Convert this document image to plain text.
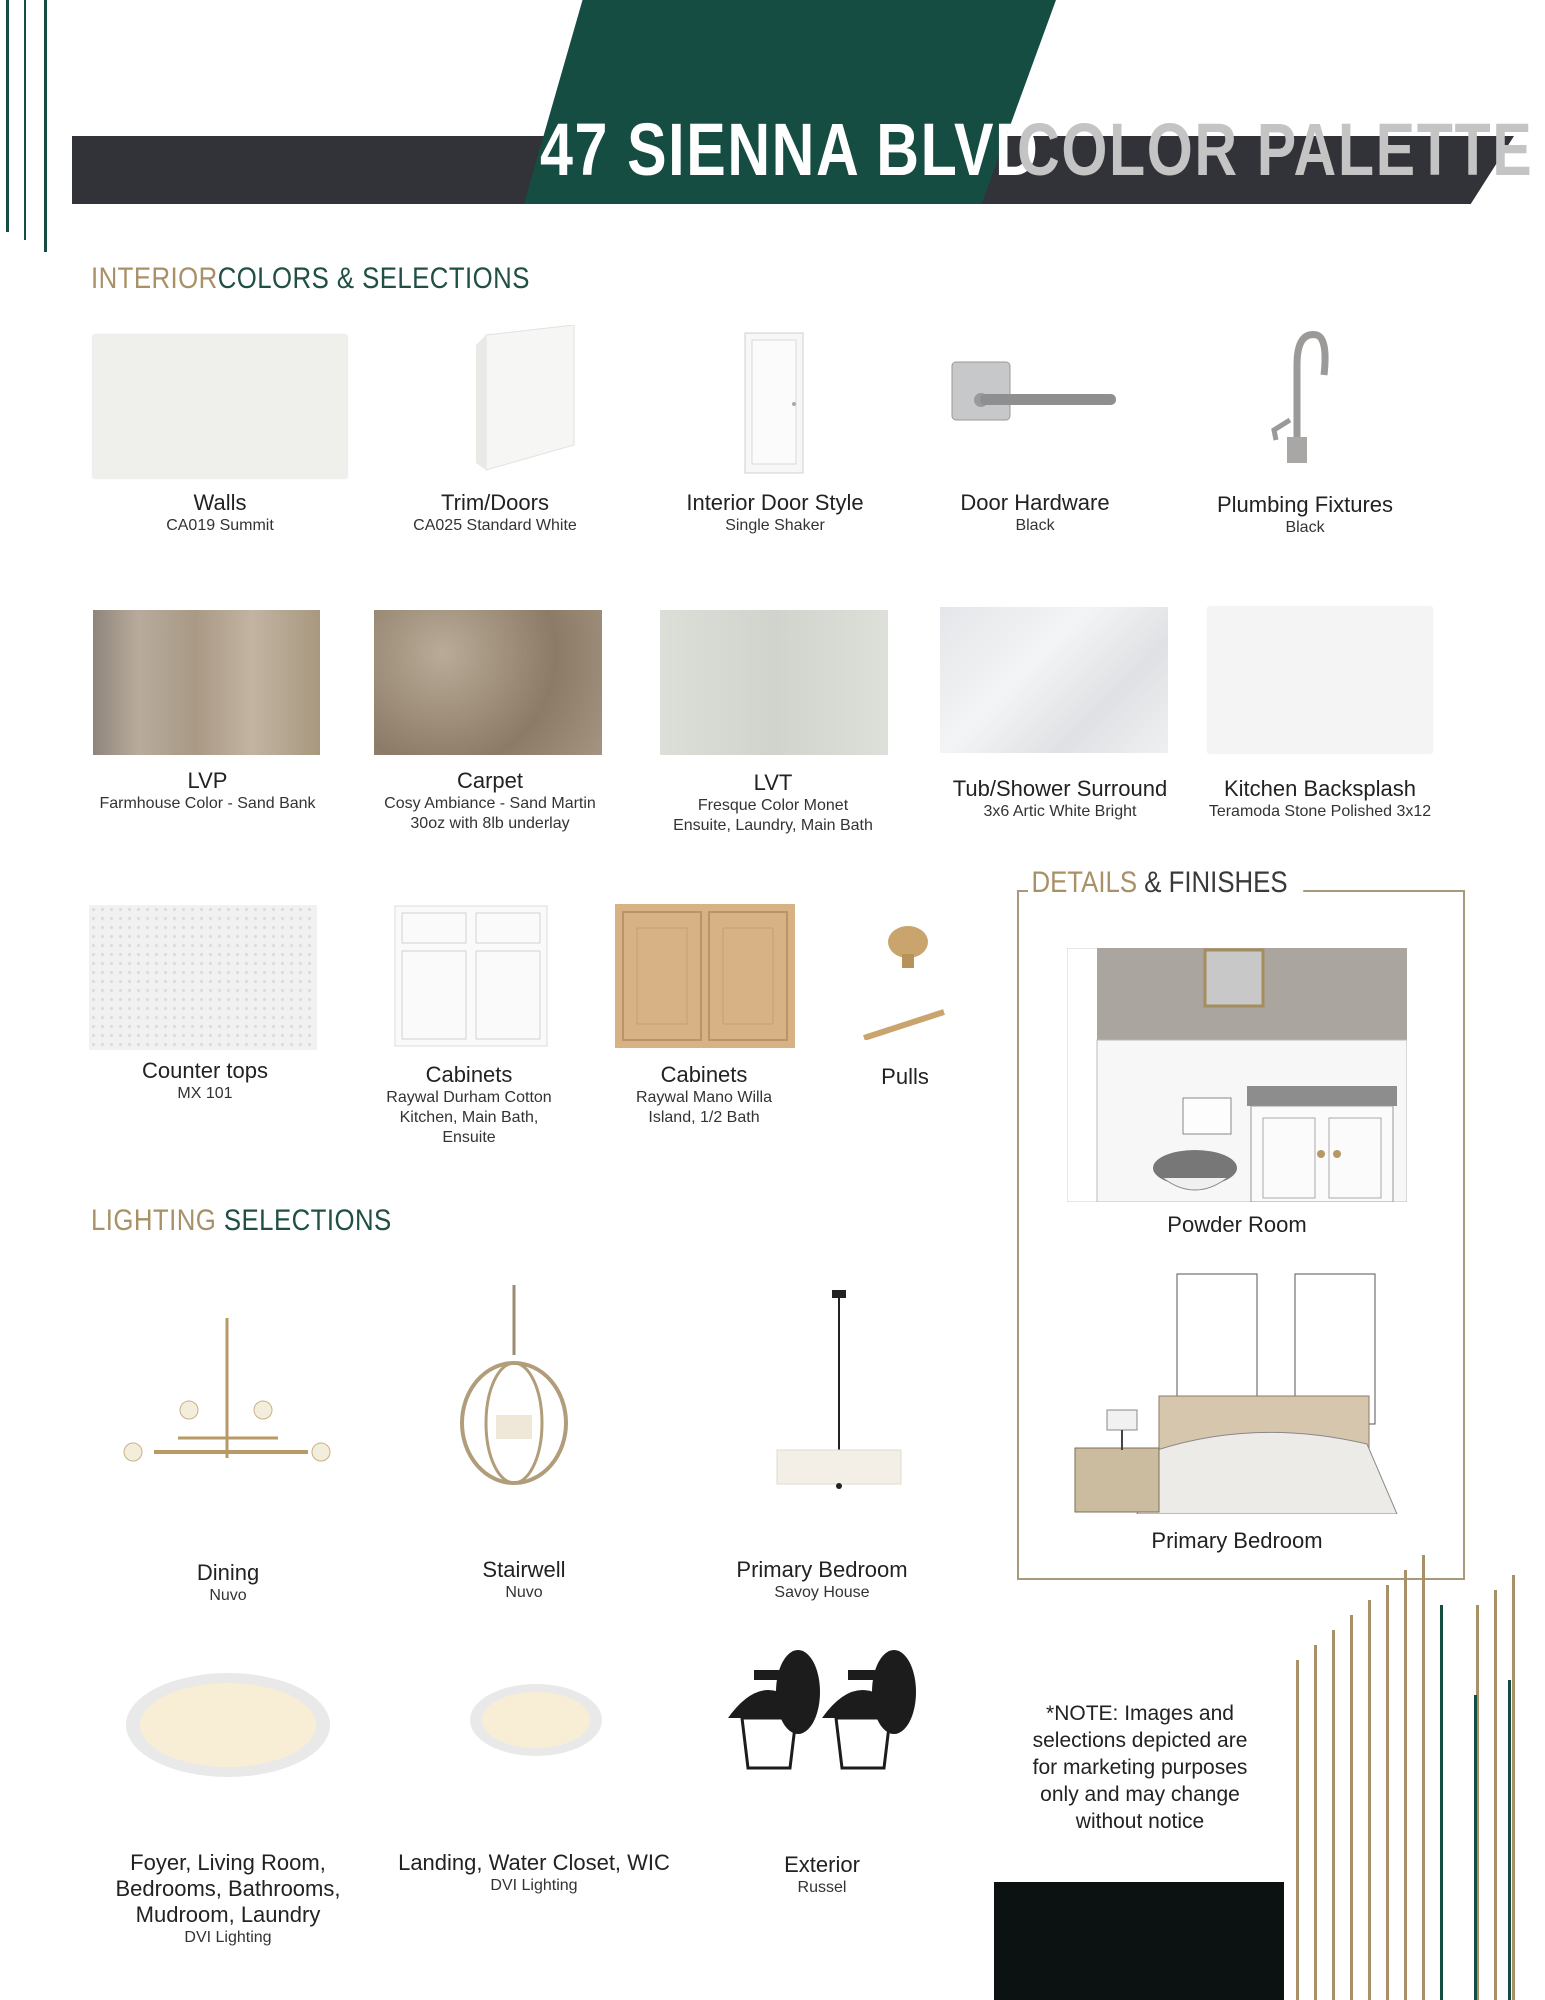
47 SIENNA BLVD
COLOR PALETTE
INTERIORCOLORS & SELECTIONS
Walls
CA019 Summit
Trim/Doors
CA025 Standard White
Interior Door Style
Single Shaker
Door Hardware
Black
Plumbing Fixtures
Black
LVP
Farmhouse Color - Sand Bank
Carpet
Cosy Ambiance - Sand Martin
30oz with 8lb underlay
LVT
Fresque Color Monet
Ensuite, Laundry, Main Bath
Tub/Shower Surround
3x6 Artic White Bright
Kitchen Backsplash
Teramoda Stone Polished 3x12
Counter tops
MX 101
Cabinets
Raywal Durham Cotton
Kitchen, Main Bath,
Ensuite
Cabinets
Raywal Mano Willa
Island, 1/2 Bath
Pulls
DETAILS & FINISHES
Powder Room
Primary Bedroom
LIGHTING SELECTIONS
Dining
Nuvo
Stairwell
Nuvo
Primary Bedroom
Savoy House
Foyer, Living Room,
Bedrooms, Bathrooms,
Mudroom, Laundry
DVI Lighting
Landing, Water Closet, WIC
DVI Lighting
Exterior
Russel
*NOTE: Images and
selections depicted are
for marketing purposes
only and may change
without notice
